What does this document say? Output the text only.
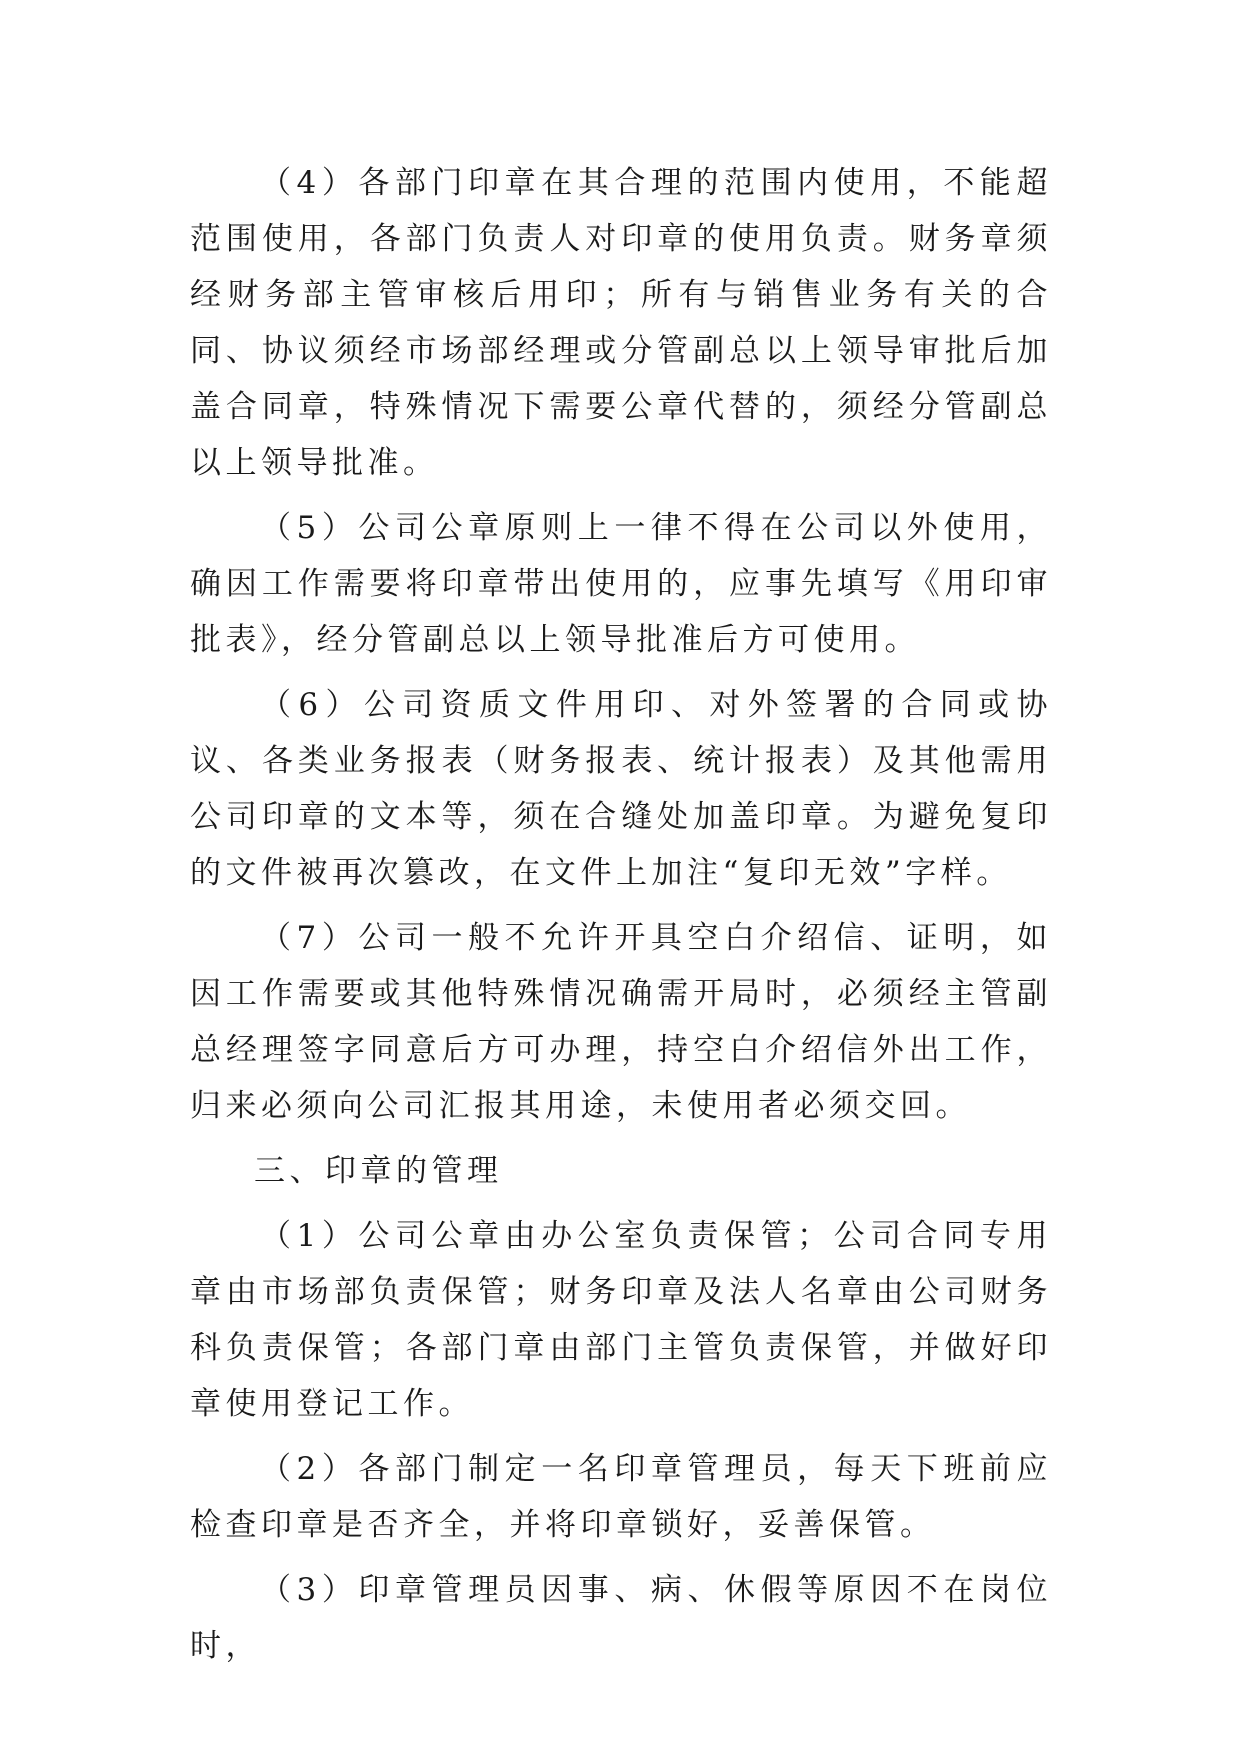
（4）各部门印章在其合理的范围内使用，不能超范围使用，各部门负责人对印章的使用负责。财务章须经财务部主管审核后用印；所有与销售业务有关的合同、协议须经市场部经理或分管副总以上领导审批后加盖合同章，特殊情况下需要公章代替的，须经分管副总以上领导批准。

（5）公司公章原则上一律不得在公司以外使用，确因工作需要将印章带出使用的，应事先填写《用印审批表》，经分管副总以上领导批准后方可使用。

（6）公司资质文件用印、对外签署的合同或协议、各类业务报表（财务报表、统计报表）及其他需用公司印章的文本等，须在合缝处加盖印章。为避免复印的文件被再次篡改，在文件上加注“复印无效”字样。

（7）公司一般不允许开具空白介绍信、证明，如因工作需要或其他特殊情况确需开局时，必须经主管副总经理签字同意后方可办理，持空白介绍信外出工作，归来必须向公司汇报其用途，未使用者必须交回。

三、印章的管理

（1）公司公章由办公室负责保管；公司合同专用章由市场部负责保管；财务印章及法人名章由公司财务科负责保管；各部门章由部门主管负责保管，并做好印章使用登记工作。

（2）各部门制定一名印章管理员，每天下班前应检查印章是否齐全，并将印章锁好，妥善保管。

（3）印章管理员因事、病、休假等原因不在岗位时，
